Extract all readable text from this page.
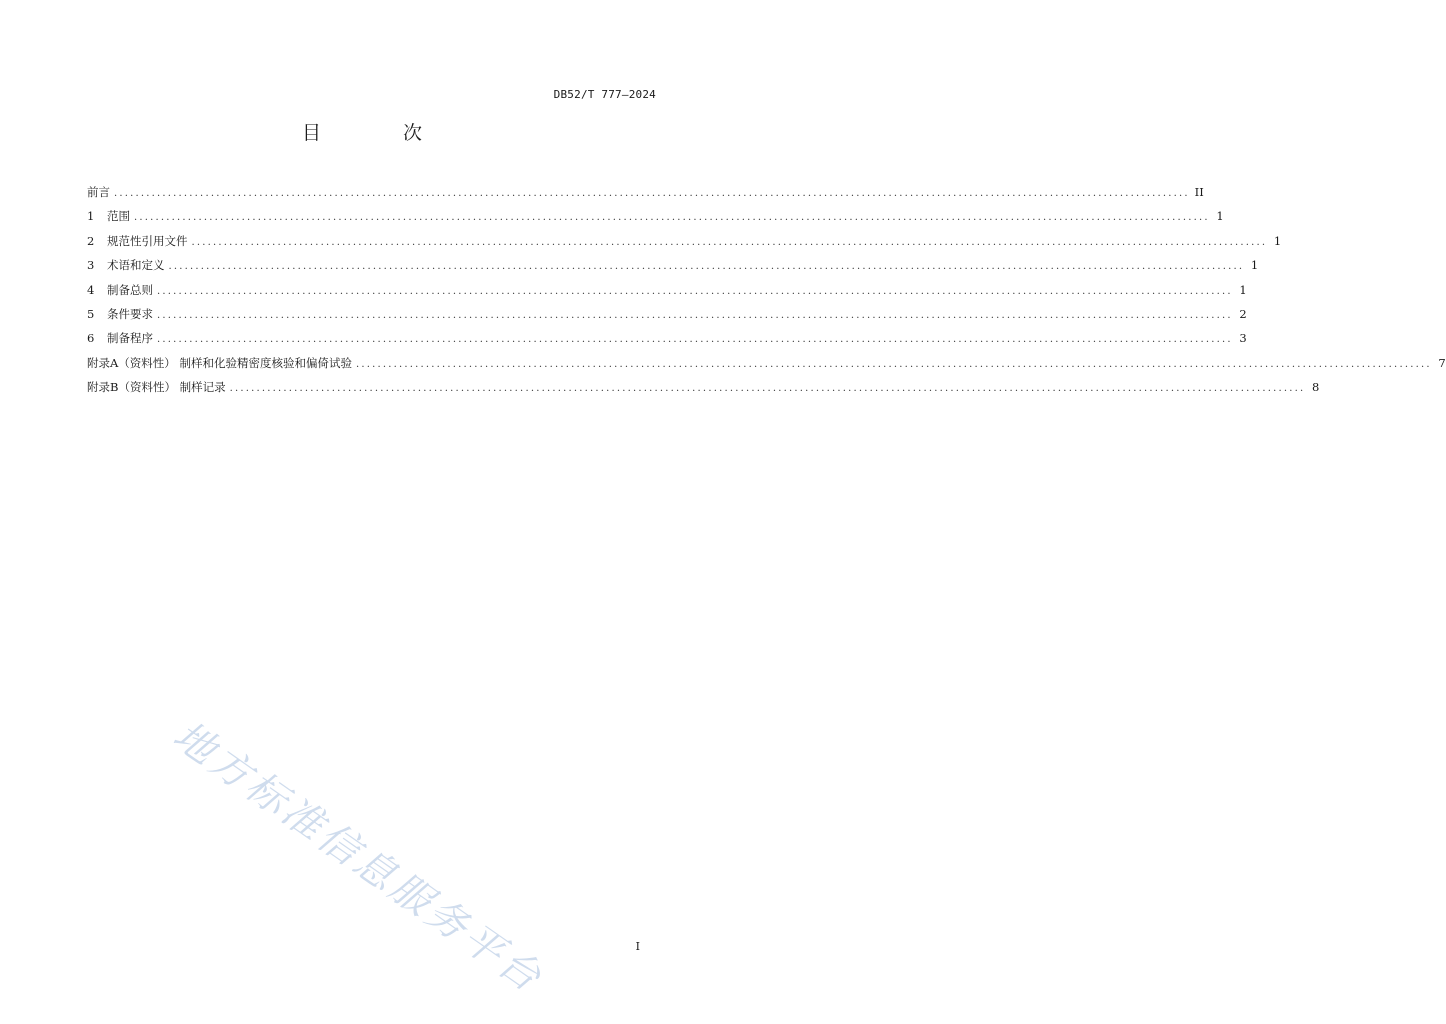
DB52/T 777—2024
目 次
前言 ........................................................................................................................................................................................................ II
1	范围 ........................................................................................................................................................................................................ 1
2	规范性引用文件 ........................................................................................................................................................................................................ 1
3	术语和定义 ........................................................................................................................................................................................................ 1
4	制备总则 ........................................................................................................................................................................................................ 1
5	条件要求 ........................................................................................................................................................................................................ 2
6	制备程序 ........................................................................................................................................................................................................ 3
附录A（资料性） 制样和化验精密度核验和偏倚试验 ........................................................................................................................................................................................................ 7
附录B（资料性） 制样记录 ........................................................................................................................................................................................................ 8
地方标准信息服务平台	I
